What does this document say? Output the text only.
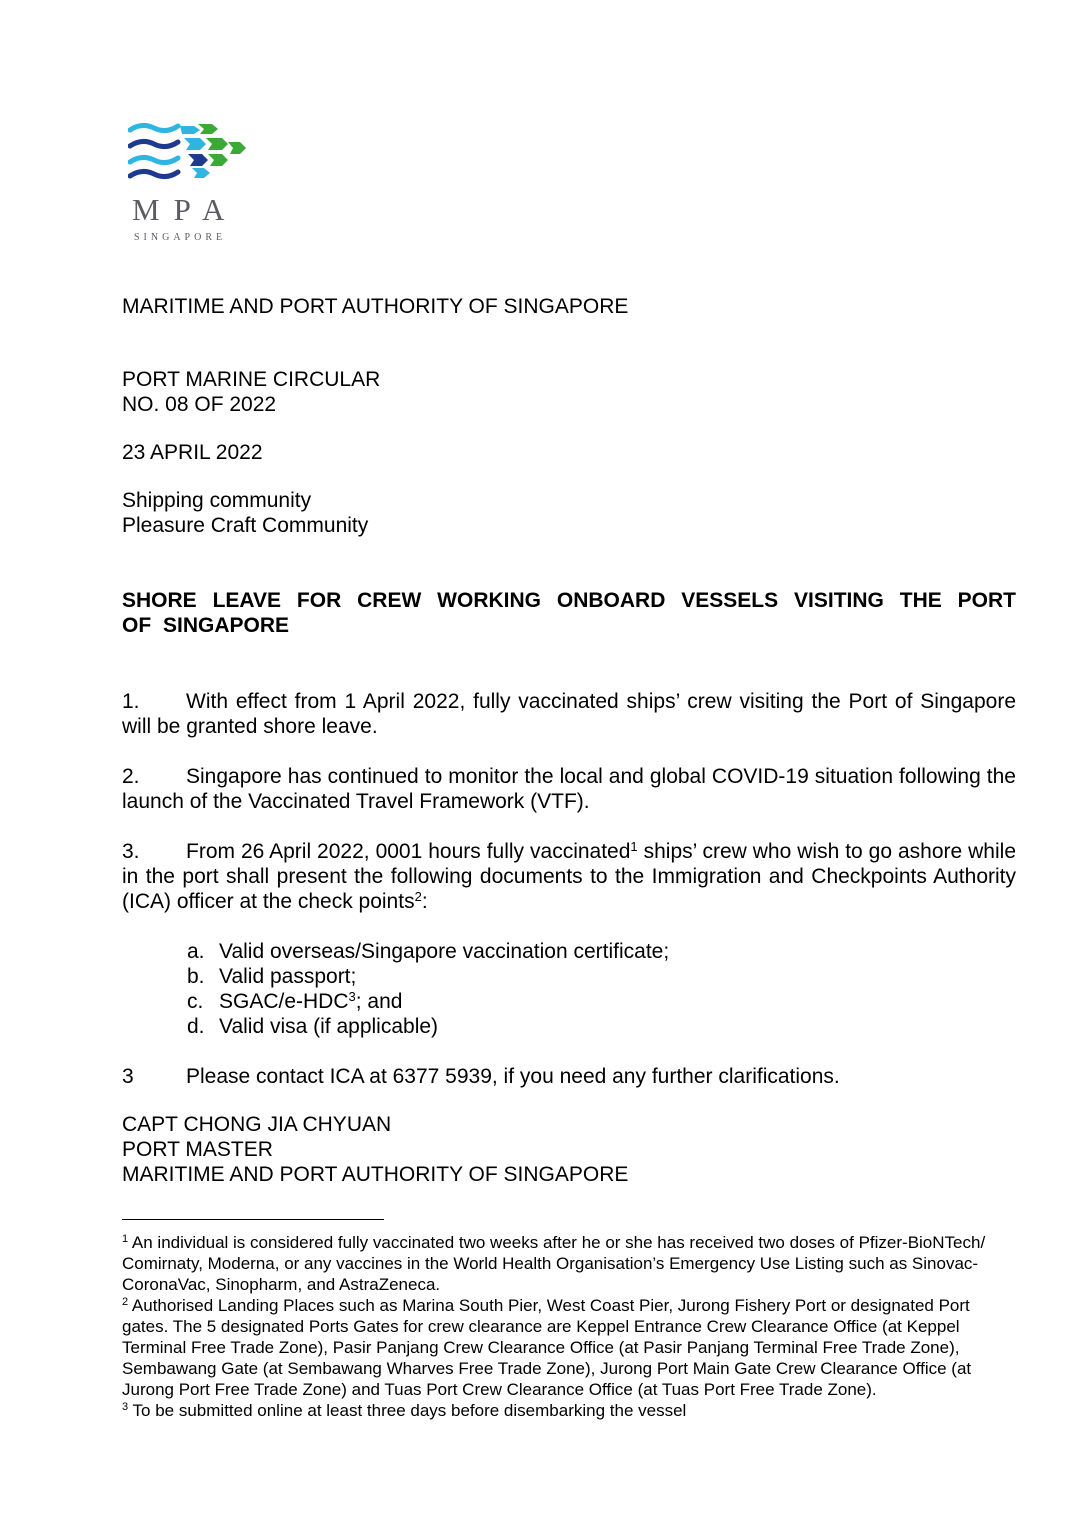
MPA
SINGAPORE
MARITIME AND PORT AUTHORITY OF SINGAPORE
PORT MARINE CIRCULAR
NO. 08 OF 2022
23 APRIL 2022
Shipping community
Pleasure Craft Community
SHORE LEAVE FOR CREW WORKING ONBOARD VESSELS VISITING THE PORT OF SINGAPORE
1. With effect from 1 April 2022, fully vaccinated ships’ crew visiting the Port of Singapore will be granted shore leave.
2. Singapore has continued to monitor the local and global COVID-19 situation following the launch of the Vaccinated Travel Framework (VTF).
3. From 26 April 2022, 0001 hours fully vaccinated$^1$ ships’ crew who wish to go ashore while in the port shall present the following documents to the Immigration and Checkpoints Authority (ICA) officer at the check points$^2$:
a. Valid overseas/Singapore vaccination certificate;
b. Valid passport;
c. SGAC/e-HDC$^3$; and
d. Valid visa (if applicable)
3 Please contact ICA at 6377 5939, if you need any further clarifications.
CAPT CHONG JIA CHYUAN
PORT MASTER
MARITIME AND PORT AUTHORITY OF SINGAPORE
$^1$ An individual is considered fully vaccinated two weeks after he or she has received two doses of Pfizer-BioNTech/ Comirnaty, Moderna, or any vaccines in the World Health Organisation’s Emergency Use Listing such as Sinovac-CoronaVac, Sinopharm, and AstraZeneca.
$^2$ Authorised Landing Places such as Marina South Pier, West Coast Pier, Jurong Fishery Port or designated Port gates. The 5 designated Ports Gates for crew clearance are Keppel Entrance Crew Clearance Office (at Keppel Terminal Free Trade Zone), Pasir Panjang Crew Clearance Office (at Pasir Panjang Terminal Free Trade Zone), Sembawang Gate (at Sembawang Wharves Free Trade Zone), Jurong Port Main Gate Crew Clearance Office (at Jurong Port Free Trade Zone) and Tuas Port Crew Clearance Office (at Tuas Port Free Trade Zone).
$^3$ To be submitted online at least three days before disembarking the vessel
